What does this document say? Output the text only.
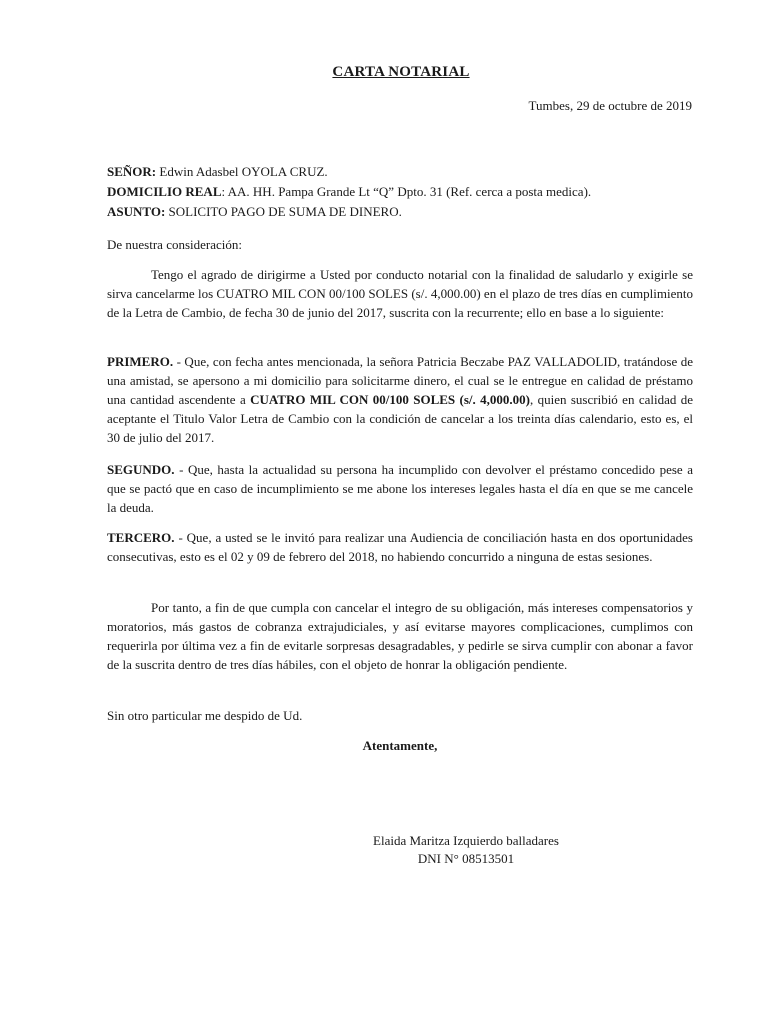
CARTA NOTARIAL
Tumbes, 29 de octubre de 2019
SEÑOR: Edwin Adasbel OYOLA CRUZ.
DOMICILIO REAL: AA. HH. Pampa Grande Lt “Q” Dpto. 31 (Ref. cerca a posta medica).
ASUNTO: SOLICITO PAGO DE SUMA DE DINERO.
De nuestra consideración:
Tengo el agrado de dirigirme a Usted por conducto notarial con la finalidad de saludarlo y exigirle se sirva cancelarme los CUATRO MIL CON 00/100 SOLES (s/. 4,000.00) en el plazo de tres días en cumplimiento de la Letra de Cambio, de fecha 30 de junio del 2017, suscrita con la recurrente; ello en base a lo siguiente:
PRIMERO. - Que, con fecha antes mencionada, la señora Patricia Beczabe PAZ VALLADOLID, tratándose de una amistad, se apersono a mi domicilio para solicitarme dinero, el cual se le entregue en calidad de préstamo una cantidad ascendente a CUATRO MIL CON 00/100 SOLES (s/. 4,000.00), quien suscribió en calidad de aceptante el Titulo Valor Letra de Cambio con la condición de cancelar a los treinta días calendario, esto es, el 30 de julio del 2017.
SEGUNDO. - Que, hasta la actualidad su persona ha incumplido con devolver el préstamo concedido pese a que se pactó que en caso de incumplimiento se me abone los intereses legales hasta el día en que se me cancele la deuda.
TERCERO. - Que, a usted se le invitó para realizar una Audiencia de conciliación hasta en dos oportunidades consecutivas, esto es el 02 y 09 de febrero del 2018, no habiendo concurrido a ninguna de estas sesiones.
Por tanto, a fin de que cumpla con cancelar el integro de su obligación, más intereses compensatorios y moratorios, más gastos de cobranza extrajudiciales, y así evitarse mayores complicaciones, cumplimos con requerirla por última vez a fin de evitarle sorpresas desagradables, y pedirle se sirva cumplir con abonar a favor de la suscrita dentro de tres días hábiles, con el objeto de honrar la obligación pendiente.
Sin otro particular me despido de Ud.
Atentamente,
Elaida Maritza Izquierdo balladares
DNI N° 08513501
